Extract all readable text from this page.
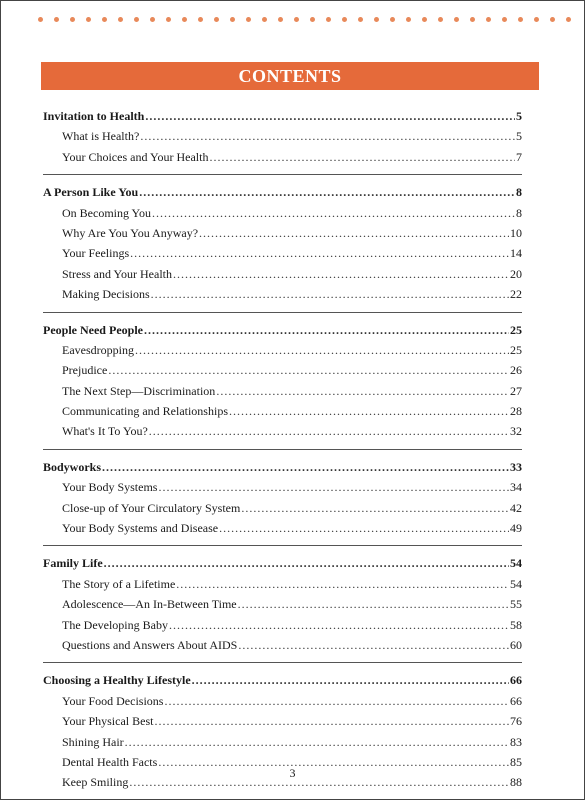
CONTENTS
Invitation to Health .....	5
What is Health? .....	5
Your Choices and Your Health .....	7
A Person Like You .....	8
On Becoming You .....	8
Why Are You You Anyway? .....	10
Your Feelings .....	14
Stress and Your Health .....	20
Making Decisions .....	22
People Need People .....	25
Eavesdropping .....	25
Prejudice .....	26
The Next Step—Discrimination .....	27
Communicating and Relationships .....	28
What's It To You? .....	32
Bodyworks .....	33
Your Body Systems .....	34
Close-up of Your Circulatory System .....	42
Your Body Systems and Disease .....	49
Family Life .....	54
The Story of a Lifetime .....	54
Adolescence—An In-Between Time .....	55
The Developing Baby .....	58
Questions and Answers About AIDS .....	60
Choosing a Healthy Lifestyle .....	66
Your Food Decisions .....	66
Your Physical Best .....	76
Shining Hair .....	83
Dental Health Facts .....	85
Keep Smiling .....	88
3
